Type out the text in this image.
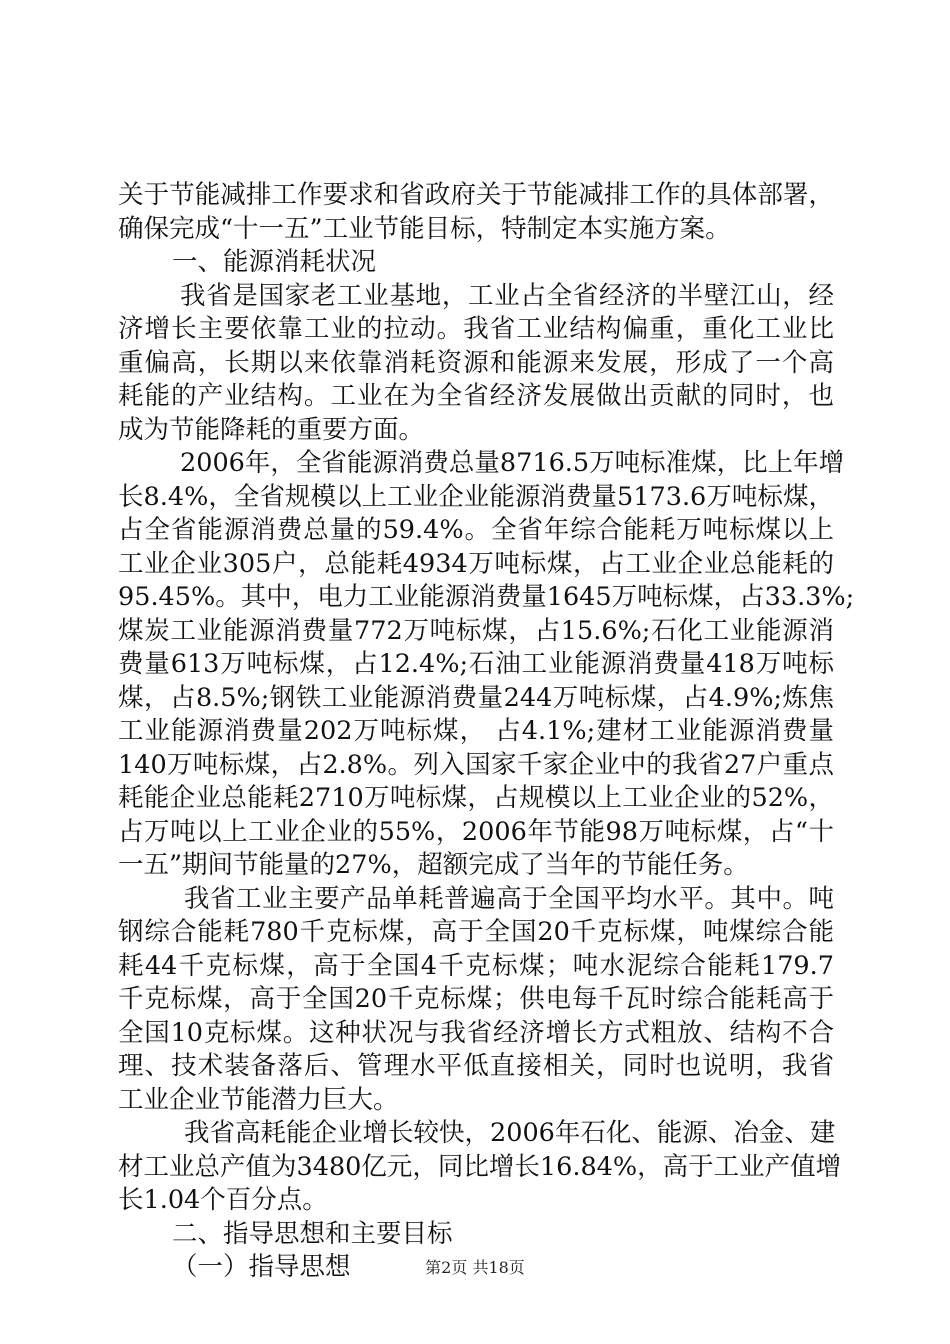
关于节能减排工作要求和省政府关于节能减排工作的具体部署，
确保完成“十一五”工业节能目标，特制定本实施方案。
一、能源消耗状况
我省是国家老工业基地，工业占全省经济的半壁江山，经
济增长主要依靠工业的拉动。我省工业结构偏重，重化工业比
重偏高，长期以来依靠消耗资源和能源来发展，形成了一个高
耗能的产业结构。工业在为全省经济发展做出贡献的同时，也
成为节能降耗的重要方面。
2006年，全省能源消费总量8716.5万吨标准煤，比上年增
长8.4%，全省规模以上工业企业能源消费量5173.6万吨标煤，
占全省能源消费总量的59.4%。全省年综合能耗万吨标煤以上
工业企业305户，总能耗4934万吨标煤，占工业企业总能耗的
95.45%。其中，电力工业能源消费量1645万吨标煤，占33.3%;
煤炭工业能源消费量772万吨标煤，占15.6%;石化工业能源消
费量613万吨标煤，占12.4%;石油工业能源消费量418万吨标
煤，占8.5%;钢铁工业能源消费量244万吨标煤，占4.9%;炼焦
工业能源消费量202万吨标煤， 占4.1%;建材工业能源消费量
140万吨标煤，占2.8%。列入国家千家企业中的我省27户重点
耗能企业总能耗2710万吨标煤，占规模以上工业企业的52%，
占万吨以上工业企业的55%，2006年节能98万吨标煤，占“十
一五”期间节能量的27%，超额完成了当年的节能任务。
我省工业主要产品单耗普遍高于全国平均水平。其中。吨
钢综合能耗780千克标煤，高于全国20千克标煤，吨煤综合能
耗44千克标煤，高于全国4千克标煤；吨水泥综合能耗179.7
千克标煤，高于全国20千克标煤；供电每千瓦时综合能耗高于
全国10克标煤。这种状况与我省经济增长方式粗放、结构不合
理、技术装备落后、管理水平低直接相关，同时也说明，我省
工业企业节能潜力巨大。
我省高耗能企业增长较快，2006年石化、能源、冶金、建
材工业总产值为3480亿元，同比增长16.84%，高于工业产值增
长1.04个百分点。
二、指导思想和主要目标
（一）指导思想	第2页 共18页
